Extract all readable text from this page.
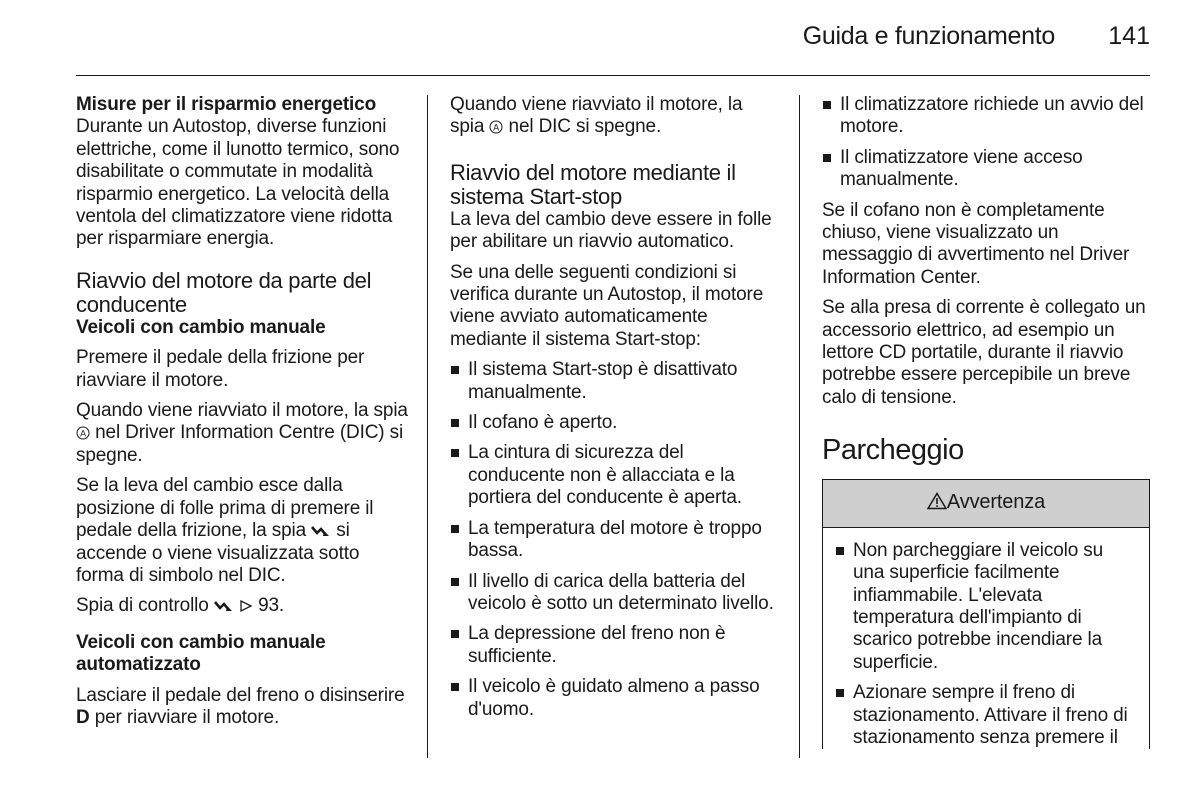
Guida e funzionamento	141

Misure per il risparmio energetico

Durante un Autostop, diverse funzioni elettriche, come il lunotto termico, sono disabilitate o commutate in modalità risparmio energetico. La velocità della ventola del climatizzatore viene ridotta per risparmiare energia.

Riavvio del motore da parte del conducente

Veicoli con cambio manuale

Premere il pedale della frizione per riavviare il motore.

Quando viene riavviato il motore, la spia
A nel Driver Information Centre (DIC) si spegne.

Se la leva del cambio esce dalla posizione di folle prima di premere il pedale della frizione, la spia si accende o viene visualizzata sotto forma di simbolo nel DIC.

Spia di controllo	93.

Veicoli con cambio manuale automatizzato

Lasciare il pedale del freno o disinserire D per riavviare il motore.

Quando viene riavviato il motore, la spia A nel DIC si spegne.

Riavvio del motore mediante il sistema Start-stop

La leva del cambio deve essere in folle per abilitare un riavvio automatico.

Se una delle seguenti condizioni si verifica durante un Autostop, il motore viene avviato automaticamente mediante il sistema Start-stop:

Il sistema Start-stop è disattivato manualmente.
Il cofano è aperto.
La cintura di sicurezza del conducente non è allacciata e la portiera del conducente è aperta.
La temperatura del motore è troppo bassa.
Il livello di carica della batteria del veicolo è sotto un determinato livello.
La depressione del freno non è sufficiente.
Il veicolo è guidato almeno a passo d'uomo.
Il climatizzatore richiede un avvio del motore.
Il climatizzatore viene acceso manualmente.

Se il cofano non è completamente chiuso, viene visualizzato un messaggio di avvertimento nel Driver Information Center.

Se alla presa di corrente è collegato un accessorio elettrico, ad esempio un lettore CD portatile, durante il riavvio potrebbe essere percepibile un breve calo di tensione.

Parcheggio
Avvertenza
Non parcheggiare il veicolo su una superficie facilmente infiammabile. L'elevata temperatura dell'impianto di scarico potrebbe incendiare la superficie.
Azionare sempre il freno di stazionamento. Attivare il freno di stazionamento senza premere il
